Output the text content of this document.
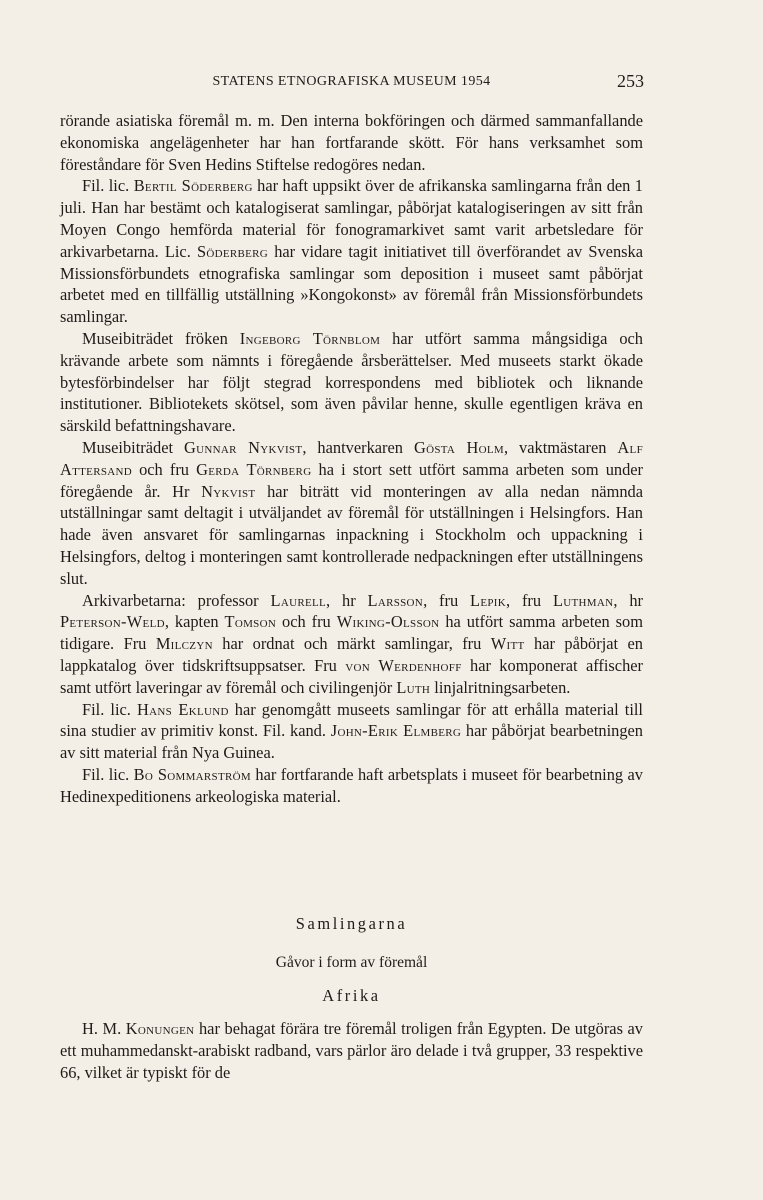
STATENS ETNOGRAFISKA MUSEUM 1954	253

rörande asiatiska föremål m. m. Den interna bokföringen och därmed sammanfallande ekonomiska angelägenheter har han fortfarande skött. För hans verksamhet som föreståndare för Sven Hedins Stiftelse redogöres nedan.

Fil. lic. Bertil Söderberg har haft uppsikt över de afrikanska samlingarna från den 1 juli. Han har bestämt och katalogiserat samlingar, påbörjat katalogiseringen av sitt från Moyen Congo hemförda material för fonogramarkivet samt varit arbetsledare för arkivarbetarna. Lic. Söderberg har vidare tagit initiativet till överförandet av Svenska Missionsförbundets etnografiska samlingar som deposition i museet samt påbörjat arbetet med en tillfällig utställning »Kongokonst» av föremål från Missionsförbundets samlingar.

Museibiträdet fröken Ingeborg Törnblom har utfört samma mångsidiga och krävande arbete som nämnts i föregående årsberättelser. Med museets starkt ökade bytesförbindelser har följt stegrad korrespondens med bibliotek och liknande institutioner. Bibliotekets skötsel, som även påvilar henne, skulle egentligen kräva en särskild befattningshavare.

Museibiträdet Gunnar Nykvist, hantverkaren Gösta Holm, vaktmästaren Alf Attersand och fru Gerda Törnberg ha i stort sett utfört samma arbeten som under föregående år. Hr Nykvist har biträtt vid monteringen av alla nedan nämnda utställningar samt deltagit i utväljandet av föremål för utställningen i Helsingfors. Han hade även ansvaret för samlingarnas inpackning i Stockholm och uppackning i Helsingfors, deltog i monteringen samt kontrollerade nedpackningen efter utställningens slut.

Arkivarbetarna: professor Laurell, hr Larsson, fru Lepik, fru Luthman, hr Peterson-Weld, kapten Tomson och fru Wiking-Olsson ha utfört samma arbeten som tidigare. Fru Milczyn har ordnat och märkt samlingar, fru Witt har påbörjat en lappkatalog över tidskriftsuppsatser. Fru von Werdenhoff har komponerat affischer samt utfört laveringar av föremål och civilingenjör Luth linjalritningsarbeten.

Fil. lic. Hans Eklund har genomgått museets samlingar för att erhålla material till sina studier av primitiv konst. Fil. kand. John-Erik Elmberg har påbörjat bearbetningen av sitt material från Nya Guinea.

Fil. lic. Bo Sommarström har fortfarande haft arbetsplats i museet för bearbetning av Hedinexpeditionens arkeologiska material.

Samlingarna
Gåvor i form av föremål
Afrika

H. M. Konungen har behagat förära tre föremål troligen från Egypten. De utgöras av ett muhammedanskt-arabiskt radband, vars pärlor äro delade i två grupper, 33 respektive 66, vilket är typiskt för de
